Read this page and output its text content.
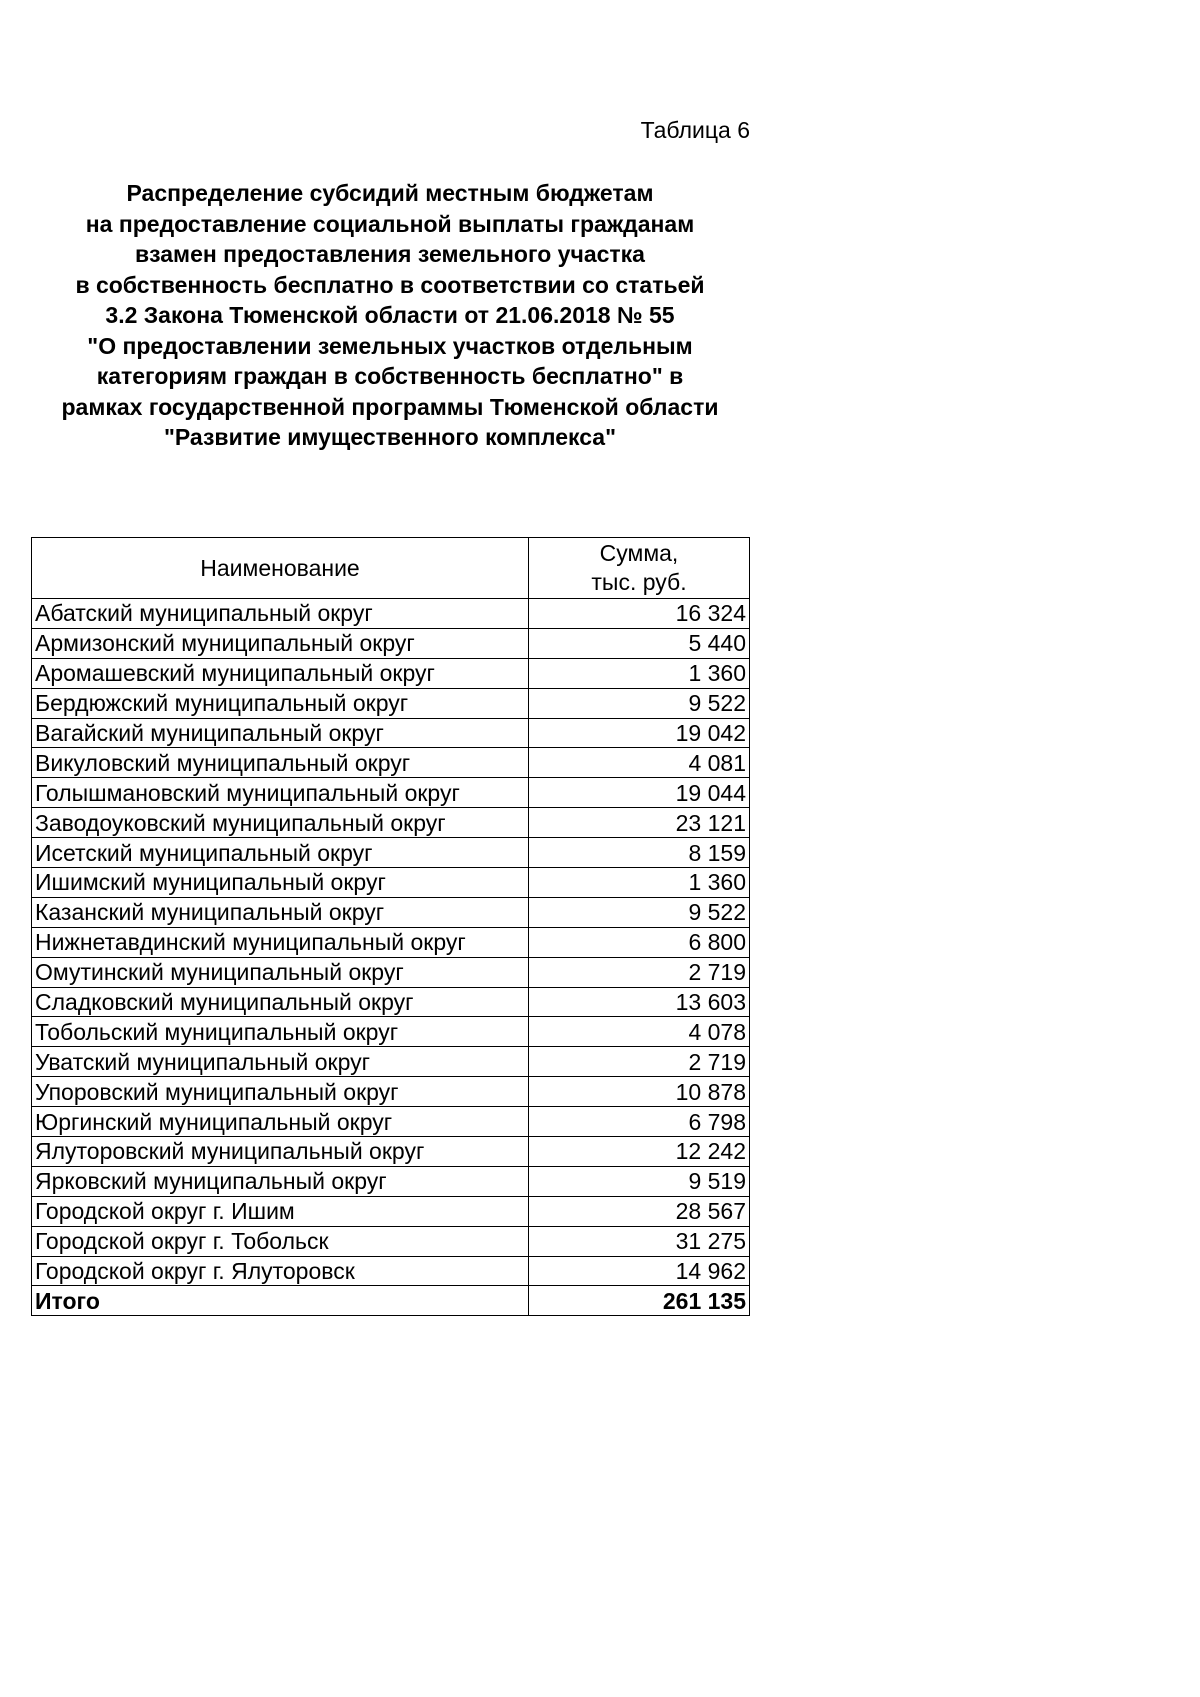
Таблица 6
Распределение субсидий местным бюджетам
на предоставление социальной выплаты гражданам
взамен предоставления земельного участка
в собственность бесплатно в соответствии со статьей
3.2 Закона Тюменской области от 21.06.2018 № 55
"О предоставлении земельных участков отдельным
категориям граждан в собственность бесплатно" в
рамках государственной программы Тюменской области
"Развитие имущественного комплекса"
Наименование	Сумма,
тыс. руб.

Абатский муниципальный округ	16 324
Армизонский муниципальный округ	5 440
Аромашевский муниципальный округ	1 360
Бердюжский муниципальный округ	9 522
Вагайский муниципальный округ	19 042
Викуловский муниципальный округ	4 081
Голышмановский муниципальный округ	19 044
Заводоуковский муниципальный округ	23 121
Исетский муниципальный округ	8 159
Ишимский муниципальный округ	1 360
Казанский муниципальный округ	9 522
Нижнетавдинский муниципальный округ	6 800
Омутинский муниципальный округ	2 719
Сладковский муниципальный округ	13 603
Тобольский муниципальный округ	4 078
Уватский муниципальный округ	2 719
Упоровский муниципальный округ	10 878
Юргинский муниципальный округ	6 798
Ялуторовский муниципальный округ	12 242
Ярковский муниципальный округ	9 519
Городской округ г. Ишим	28 567
Городской округ г. Тобольск	31 275
Городской округ г. Ялуторовск	14 962
Итого	261 135
